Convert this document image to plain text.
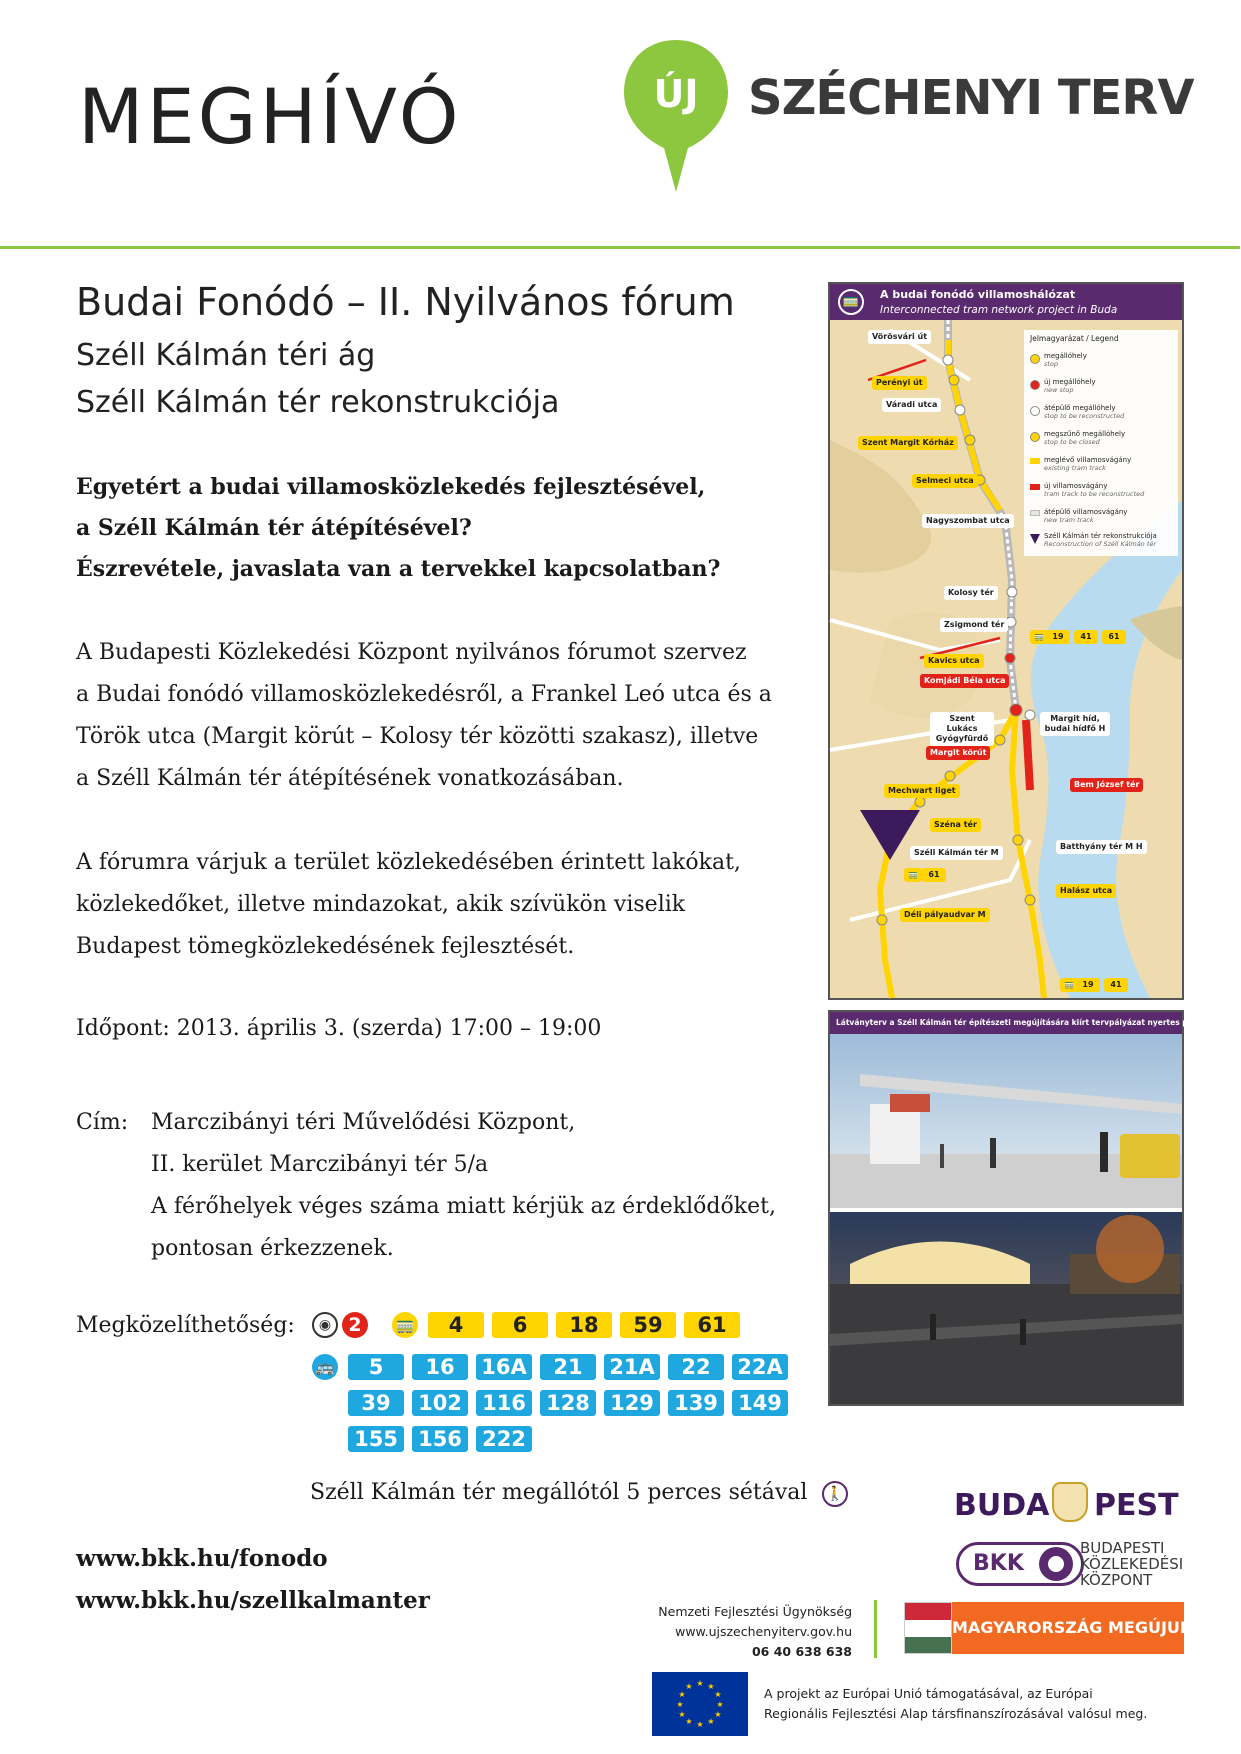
MEGHÍVÓ	ÚJ	SZÉCHENYI TERV
Budai Fonódó – II. Nyilvános fórum
Széll Kálmán téri ág
Széll Kálmán tér rekonstrukciója
Egyetért a budai villamosközlekedés fejlesztésével,
a Széll Kálmán tér átépítésével?
Észrevétele, javaslata van a tervekkel kapcsolatban?
A Budapesti Közlekedési Központ nyilvános fórumot szervez
a Budai fonódó villamosközlekedésről, a Frankel Leó utca és a
Török utca (Margit körút – Kolosy tér közötti szakasz), illetve
a Széll Kálmán tér átépítésének vonatkozásában.
A fórumra várjuk a terület közlekedésében érintett lakókat,
közlekedőket, illetve mindazokat, akik szívükön viselik
Budapest tömegközlekedésének fejlesztését.
Időpont: 2013. április 3. (szerda) 17:00 – 19:00
Cím: Marczibányi téri Művelődési Központ,
II. kerület Marczibányi tér 5/a
A férőhelyek véges száma miatt kérjük az érdeklődőket,
pontosan érkezzenek.
Megközelíthetőség:	◉ 2	🚃	4	6	18	59	61
🚌	5	16	16A	21	21A	22	22A
39	102 116 128 129 139 149
155 156 222
Széll Kálmán tér megállótól 5 perces sétával	🚶
www.bkk.hu/fonodo
www.bkk.hu/szellkalmanter
🚃	A budai fonódó villamoshálózat
Interconnected tram network project in Buda
Vörösvári út
Perényi út
Váradi utca
Szent Margit Kórház
Selmeci utca
Nagyszombat utca
Kolosy tér
Zsigmond tér
Kavics utca
Komjádi Béla utca
Szent Lukács Gyógyfürdő
Margit híd, budai hídfő H
Margit körút
Bem József tér
Mechwart liget
Széna tér
Széll Kálmán tér M
Batthyány tér M H
Déli pályaudvar M
Halász utca
🚃	19	41	61
🚃	61
🚃	19	41
Jelmagyarázat / Legend
megállóhely
stop
új megállóhely
new stop
átépülő megállóhely
stop to be reconstructed
megszűnő megállóhely
stop to be closed
meglévő villamosvágány
existing tram track
új villamosvágány
tram track to be reconstructed
átépülő villamosvágány
new tram track
Széll Kálmán tér rekonstrukciója
Reconstruction of Széll Kálmán tér
Látványterv a Széll Kálmán tér építészeti megújítására kiírt tervpályázat nyertes pályaművéből
BUDA PEST
BKK
BUDAPESTI
KÖZLEKEDÉSI
KÖZPONT
Nemzeti Fejlesztési Ügynökség
www.ujszechenyiterv.gov.hu
06 40 638 638
MAGYARORSZÁG MEGÚJUL
★ ★
★
★
★
★
★
★
★
★
★
★	A projekt az Európai Unió támogatásával, az Európai
Regionális Fejlesztési Alap társfinanszírozásával valósul meg.
